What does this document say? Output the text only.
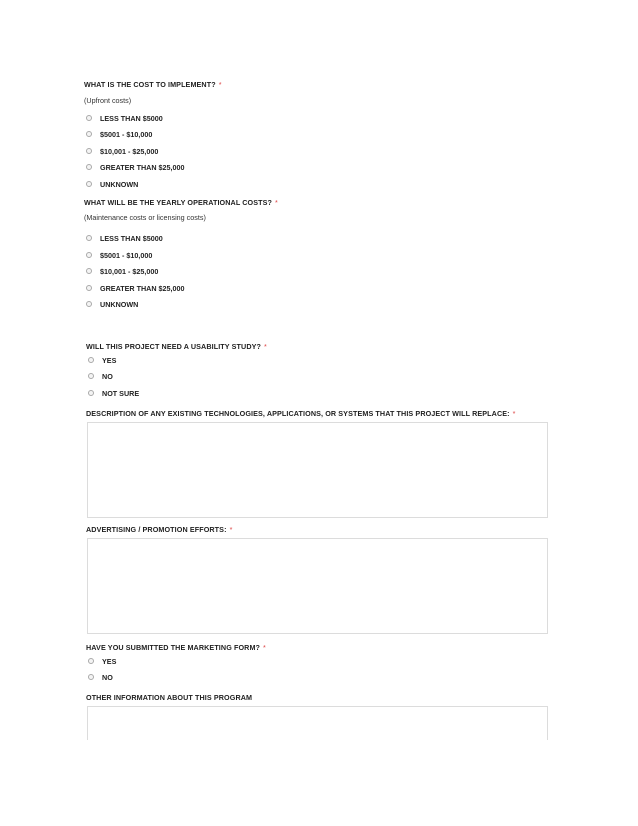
WHAT IS THE COST TO IMPLEMENT? *
(Upfront costs)
LESS THAN $5000
$5001 - $10,000
$10,001 - $25,000
GREATER THAN $25,000
UNKNOWN
WHAT WILL BE THE YEARLY OPERATIONAL COSTS? *
(Maintenance costs or licensing costs)
LESS THAN $5000
$5001 - $10,000
$10,001 - $25,000
GREATER THAN $25,000
UNKNOWN
WILL THIS PROJECT NEED A USABILITY STUDY? *
YES
NO
NOT SURE
DESCRIPTION OF ANY EXISTING TECHNOLOGIES, APPLICATIONS, OR SYSTEMS THAT THIS PROJECT WILL REPLACE: *
ADVERTISING / PROMOTION EFFORTS: *
HAVE YOU SUBMITTED THE MARKETING FORM? *
YES
NO
OTHER INFORMATION ABOUT THIS PROGRAM
